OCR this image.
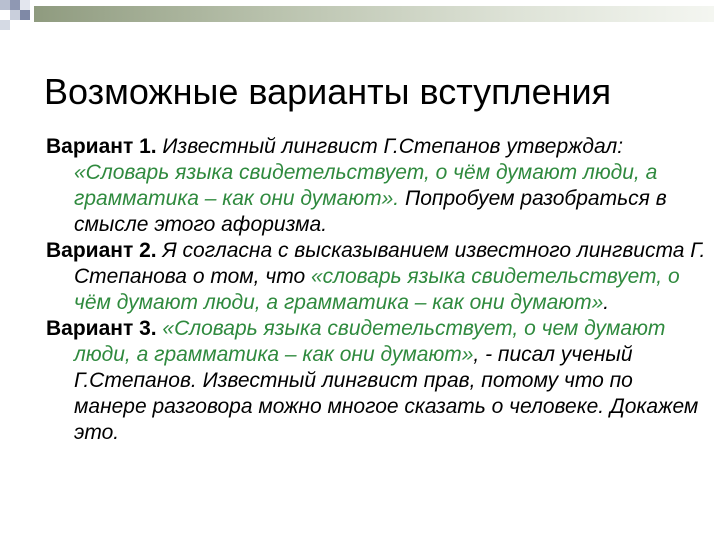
Возможные варианты вступления

Вариант 1. Известный лингвист Г.Степанов утверждал: «Словарь языка свидетельствует, о чём думают люди, а грамматика – как они думают». Попробуем разобраться в смысле этого афоризма.

Вариант 2. Я согласна с высказыванием известного лингвиста Г. Степанова о том, что «словарь языка свидетельствует, о чём думают люди, а грамматика – как они думают».

Вариант 3. «Словарь языка свидетельствует, о чем думают люди, а грамматика – как они думают», - писал ученый Г.Степанов. Известный лингвист прав, потому что по манере разговора можно многое сказать о человеке. Докажем это.
